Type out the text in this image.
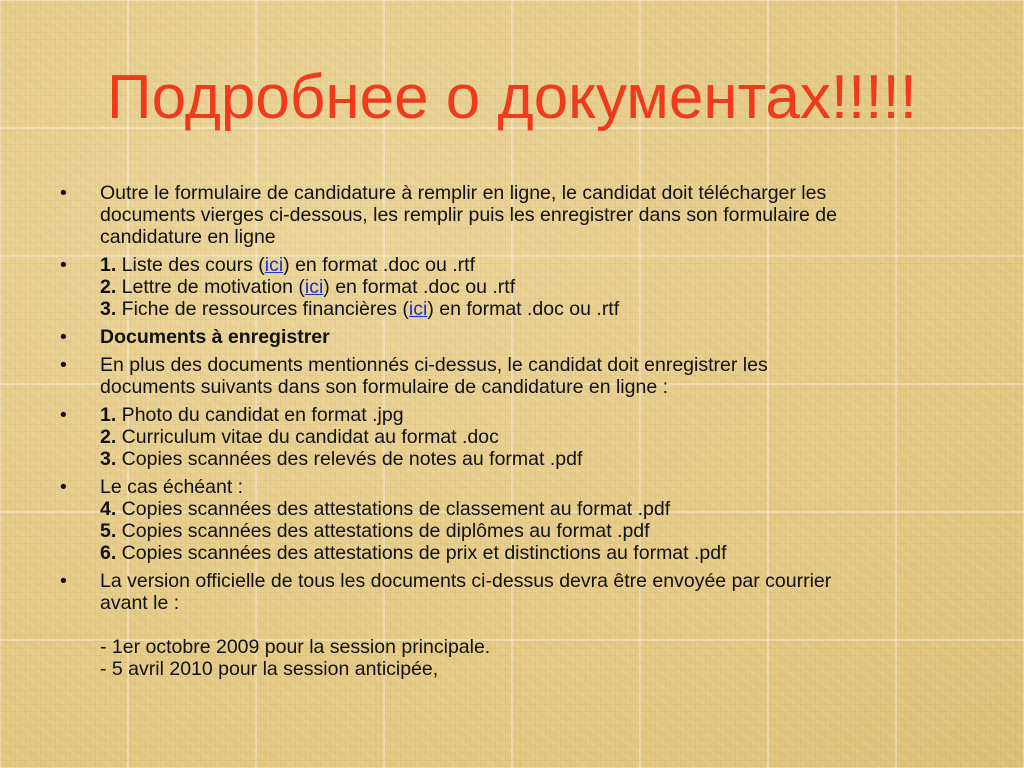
Подробнее о документах!!!!!
•	Outre le formulaire de candidature à remplir en ligne, le candidat doit télécharger les
documents vierges ci-dessous, les remplir puis les enregistrer dans son formulaire de
candidature en ligne
•	1. Liste des cours (ici) en format .doc ou .rtf
2. Lettre de motivation (ici) en format .doc ou .rtf
3. Fiche de ressources financières (ici) en format .doc ou .rtf
•	Documents à enregistrer
•	En plus des documents mentionnés ci-dessus, le candidat doit enregistrer les
documents suivants dans son formulaire de candidature en ligne :
•	1. Photo du candidat en format .jpg
2. Curriculum vitae du candidat au format .doc
3. Copies scannées des relevés de notes au format .pdf
•	Le cas échéant :
4. Copies scannées des attestations de classement au format .pdf
5. Copies scannées des attestations de diplômes au format .pdf
6. Copies scannées des attestations de prix et distinctions au format .pdf
•	La version officielle de tous les documents ci-dessus devra être envoyée par courrier
avant le :
- 1er octobre 2009 pour la session principale.
- 5 avril 2010 pour la session anticipée,
